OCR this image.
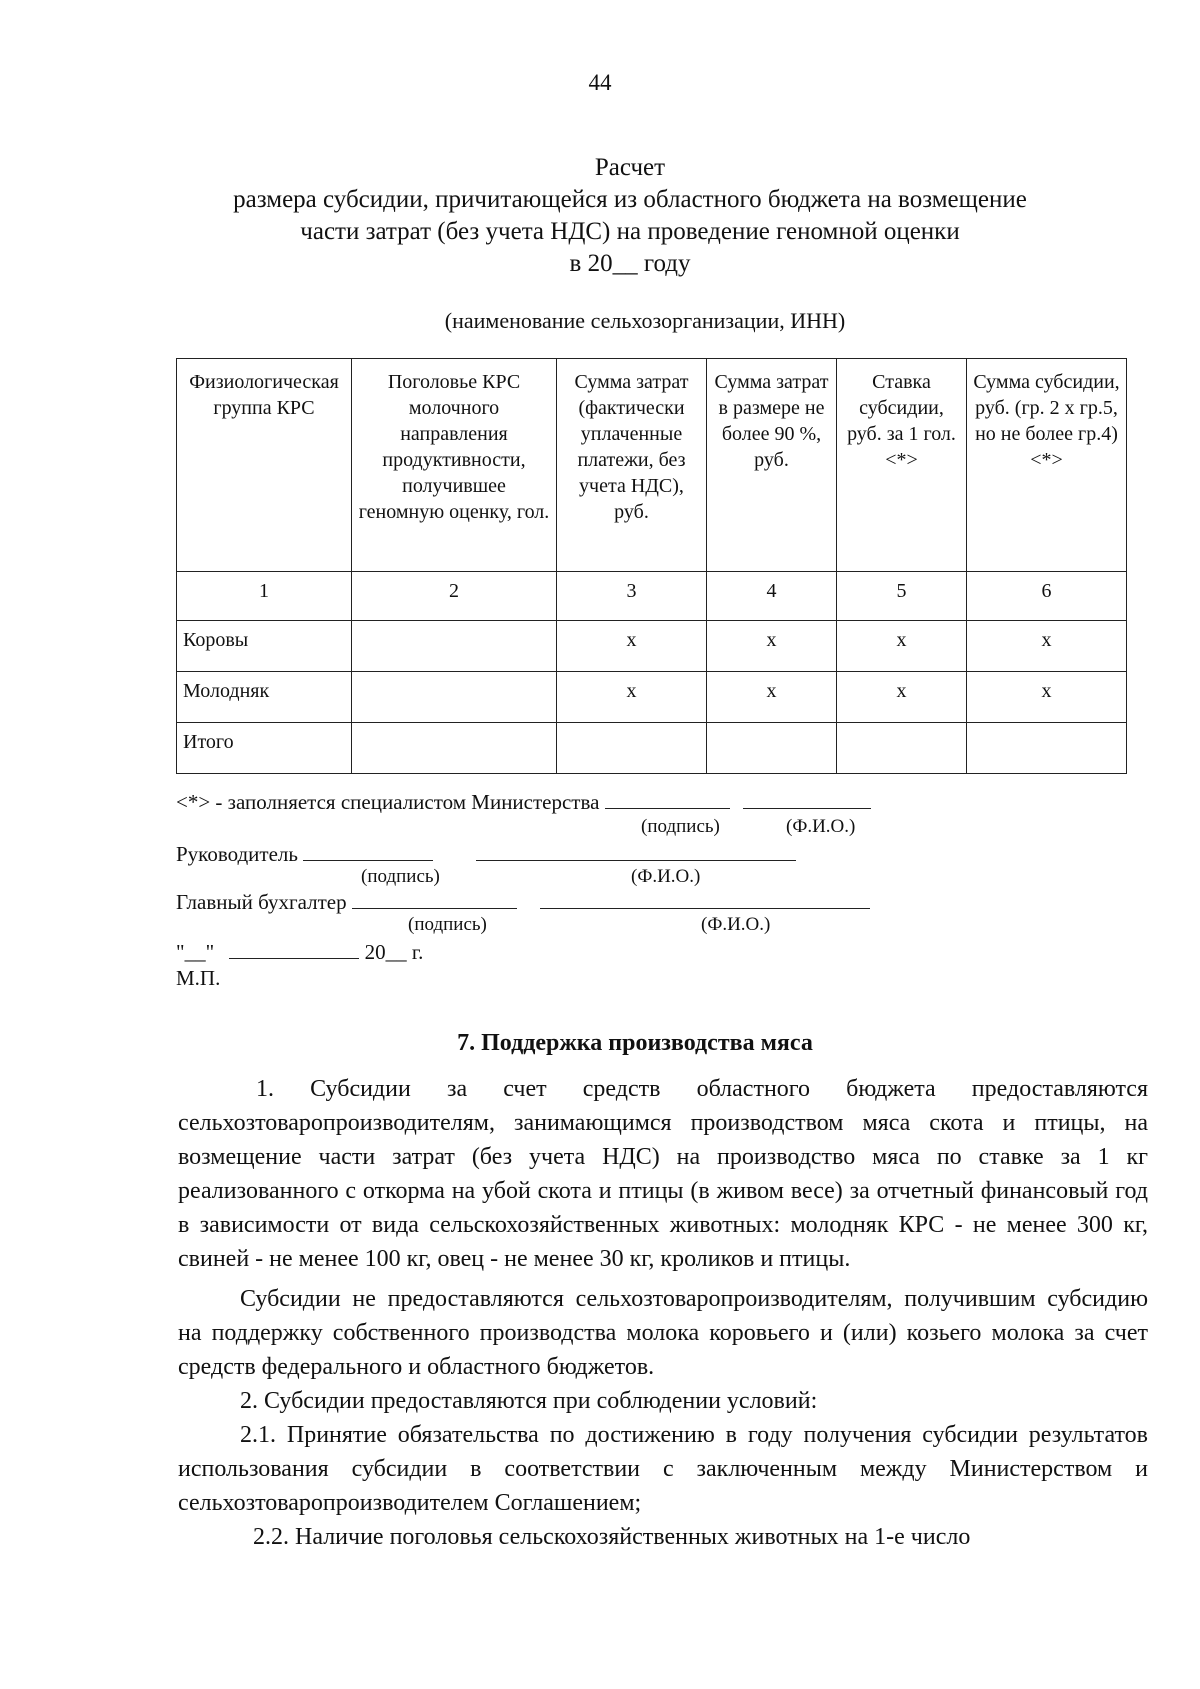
44
Расчет
размера субсидии, причитающейся из областного бюджета на возмещение
части затрат (без учета НДС) на проведение геномной оценки
в 20__ году
(наименование сельхозорганизации, ИНН)
Физиологическая группа КРС	Поголовье КРС молочного направления продуктивности, получившее геномную оценку, гол.	Сумма затрат (фактически уплаченные платежи, без учета НДС), руб.	Сумма затрат в размере не более 90 %, руб.	Ставка субсидии, руб. за 1 гол. <*>	Сумма субсидии, руб. (гр. 2 x гр.5, но не более гр.4) <*>
1	2	3	4	5	6
Коровы		x	x	x	x
Молодняк		x	x	x	x
Итого					
<*> - заполняется специалистом Министерства
(подпись)	(Ф.И.О.)
Руководитель
(подпись)	(Ф.И.О.)
Главный бухгалтер
(подпись)	(Ф.И.О.)
"__"	20__ г.
М.П.
7. Поддержка производства мяса

1. Субсидии за счет средств областного бюджета предоставляются сельхозтоваропроизводителям, занимающимся производством мяса скота и птицы, на возмещение части затрат (без учета НДС) на производство мяса по ставке за 1 кг реализованного с откорма на убой скота и птицы (в живом весе) за отчетный финансовый год в зависимости от вида сельскохозяйственных животных: молодняк КРС - не менее 300 кг, свиней - не менее 100 кг, овец - не менее 30 кг, кроликов и птицы.

Субсидии не предоставляются сельхозтоваропроизводителям, получившим субсидию на поддержку собственного производства молока коровьего и (или) козьего молока за счет средств федерального и областного бюджетов.

2. Субсидии предоставляются при соблюдении условий:

2.1. Принятие обязательства по достижению в году получения субсидии результатов использования субсидии в соответствии с заключенным между Министерством и сельхозтоваропроизводителем Соглашением;

2.2. Наличие поголовья сельскохозяйственных животных на 1-е число
